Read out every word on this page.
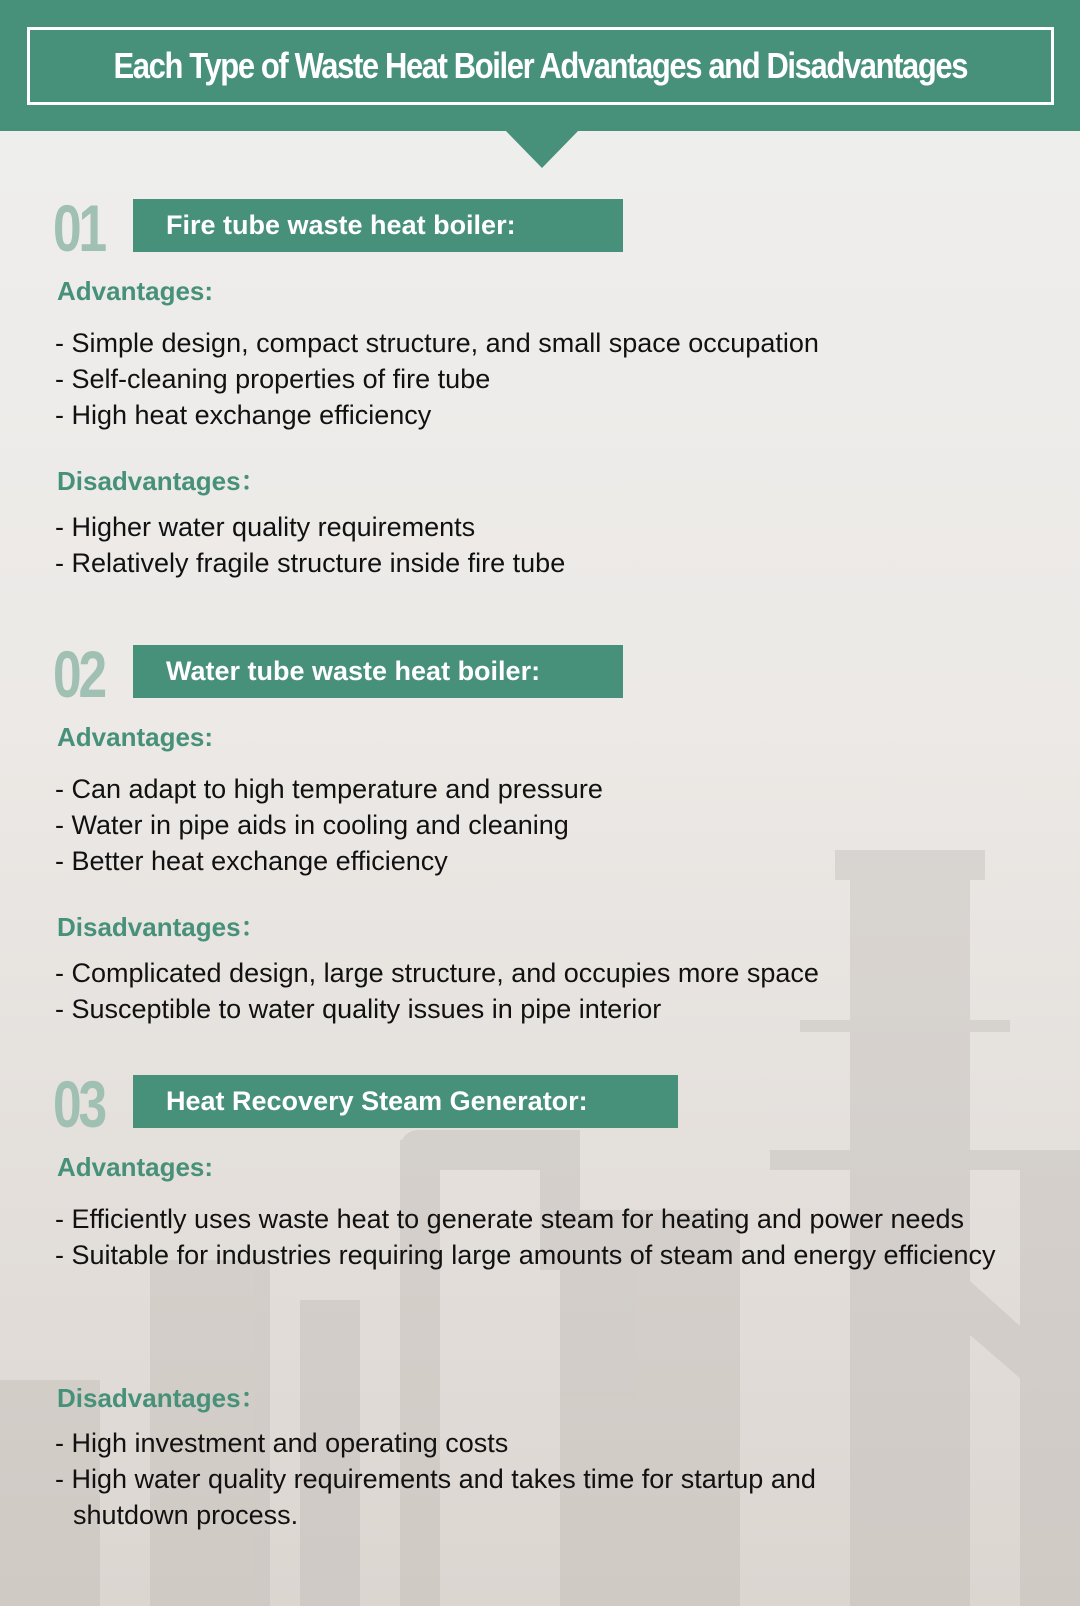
Each Type of Waste Heat Boiler Advantages and Disadvantages
01	Fire tube waste heat boiler:
Advantages:
- Simple design, compact structure, and small space occupation
- Self-cleaning properties of fire tube
- High heat exchange efficiency
Disadvantages：
- Higher water quality requirements
- Relatively fragile structure inside fire tube
02	Water tube waste heat boiler:
Advantages:
- Can adapt to high temperature and pressure
- Water in pipe aids in cooling and cleaning
- Better heat exchange efficiency
Disadvantages：
- Complicated design, large structure, and occupies more space
- Susceptible to water quality issues in pipe interior
03	Heat Recovery Steam Generator:
Advantages:
- Efficiently uses waste heat to generate steam for heating and power needs
- Suitable for industries requiring large amounts of steam and energy efficiency
Disadvantages：
- High investment and operating costs
- High water quality requirements and takes time for startup and shutdown process.
